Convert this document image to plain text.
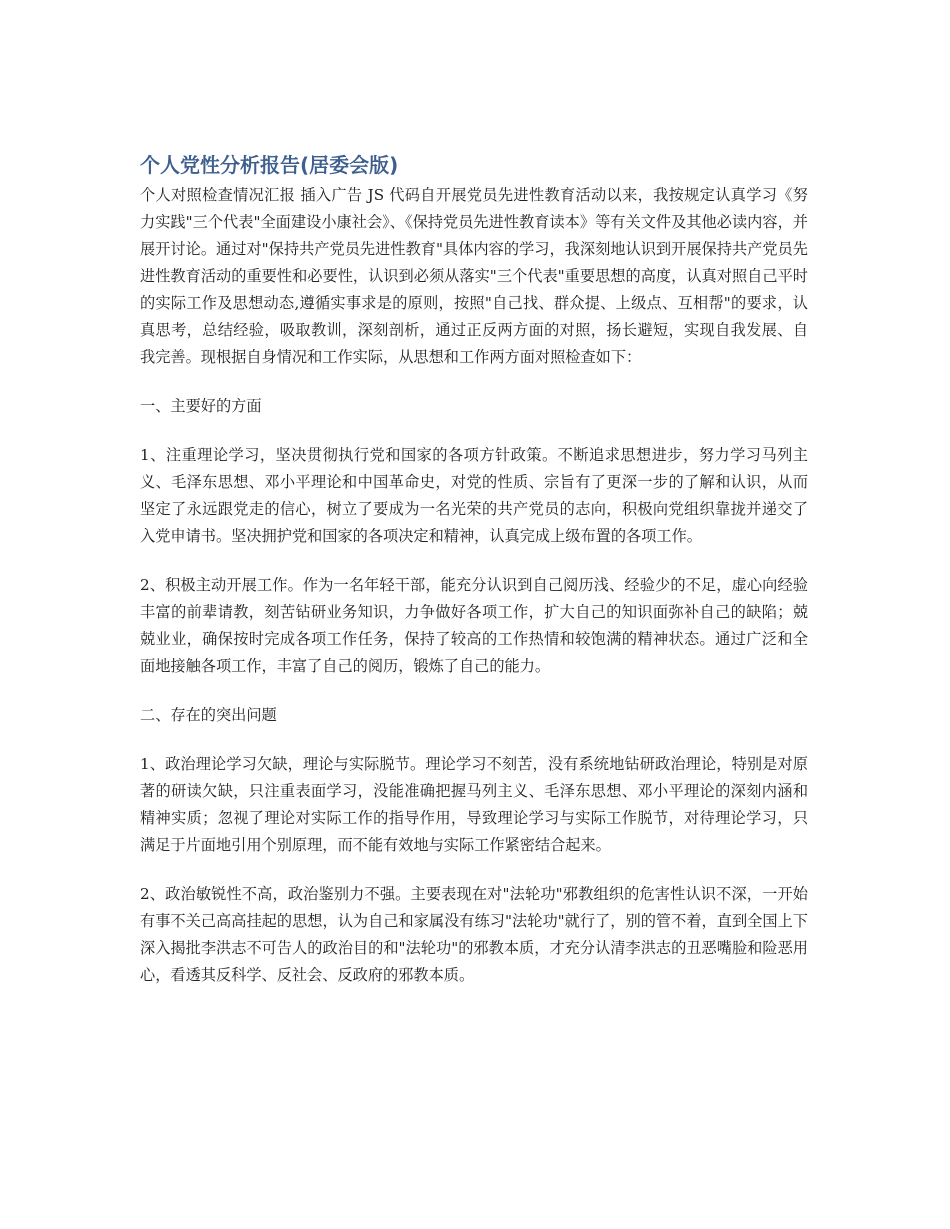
个人党性分析报告(居委会版)

个人对照检查情况汇报 插入广告 JS 代码自开展党员先进性教育活动以来，我按规定认真学习《努力实践"三个代表"全面建设小康社会》、《保持党员先进性教育读本》等有关文件及其他必读内容，并展开讨论。通过对"保持共产党员先进性教育"具体内容的学习，我深刻地认识到开展保持共产党员先进性教育活动的重要性和必要性，认识到必须从落实"三个代表"重要思想的高度，认真对照自己平时的实际工作及思想动态,遵循实事求是的原则，按照"自己找、群众提、上级点、互相帮"的要求，认真思考，总结经验，吸取教训，深刻剖析，通过正反两方面的对照，扬长避短，实现自我发展、自我完善。现根据自身情况和工作实际，从思想和工作两方面对照检查如下：

一、主要好的方面

1、注重理论学习，坚决贯彻执行党和国家的各项方针政策。不断追求思想进步，努力学习马列主义、毛泽东思想、邓小平理论和中国革命史，对党的性质、宗旨有了更深一步的了解和认识，从而坚定了永远跟党走的信心，树立了要成为一名光荣的共产党员的志向，积极向党组织靠拢并递交了入党申请书。坚决拥护党和国家的各项决定和精神，认真完成上级布置的各项工作。

2、积极主动开展工作。作为一名年轻干部，能充分认识到自己阅历浅、经验少的不足，虚心向经验丰富的前辈请教，刻苦钻研业务知识，力争做好各项工作，扩大自己的知识面弥补自己的缺陷；兢兢业业，确保按时完成各项工作任务，保持了较高的工作热情和较饱满的精神状态。通过广泛和全面地接触各项工作，丰富了自己的阅历，锻炼了自己的能力。

二、存在的突出问题

1、政治理论学习欠缺，理论与实际脱节。理论学习不刻苦，没有系统地钻研政治理论，特别是对原著的研读欠缺，只注重表面学习，没能准确把握马列主义、毛泽东思想、邓小平理论的深刻内涵和精神实质；忽视了理论对实际工作的指导作用，导致理论学习与实际工作脱节，对待理论学习，只满足于片面地引用个别原理，而不能有效地与实际工作紧密结合起来。

2、政治敏锐性不高，政治鉴别力不强。主要表现在对"法轮功"邪教组织的危害性认识不深，一开始有事不关己高高挂起的思想，认为自己和家属没有练习"法轮功"就行了，别的管不着，直到全国上下深入揭批李洪志不可告人的政治目的和"法轮功"的邪教本质，才充分认清李洪志的丑恶嘴脸和险恶用心，看透其反科学、反社会、反政府的邪教本质。
